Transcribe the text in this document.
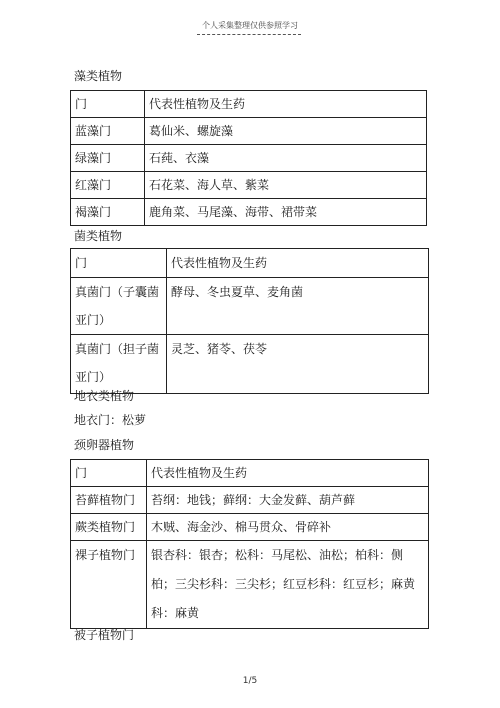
个人采集整理仅供参照学习
藻类植物
门	代表性植物及生药
蓝藻门	葛仙米、螺旋藻
绿藻门	石莼、衣藻
红藻门	石花菜、海人草、紫菜
褐藻门	鹿角菜、马尾藻、海带、裙带菜
菌类植物
门	代表性植物及生药
真菌门（子囊菌亚门）	酵母、冬虫夏草、麦角菌
真菌门（担子菌亚门）	灵芝、猪苓、茯苓
地衣类植物
地衣门：松萝
颈卵器植物
门	代表性植物及生药
苔藓植物门	苔纲：地钱；藓纲：大金发藓、葫芦藓
蕨类植物门	木贼、海金沙、棉马贯众、骨碎补
裸子植物门	银杏科：银杏；松科：马尾松、油松；柏科：侧柏；三尖杉科：三尖杉；红豆杉科：红豆杉；麻黄科：麻黄
被子植物门
1/5
